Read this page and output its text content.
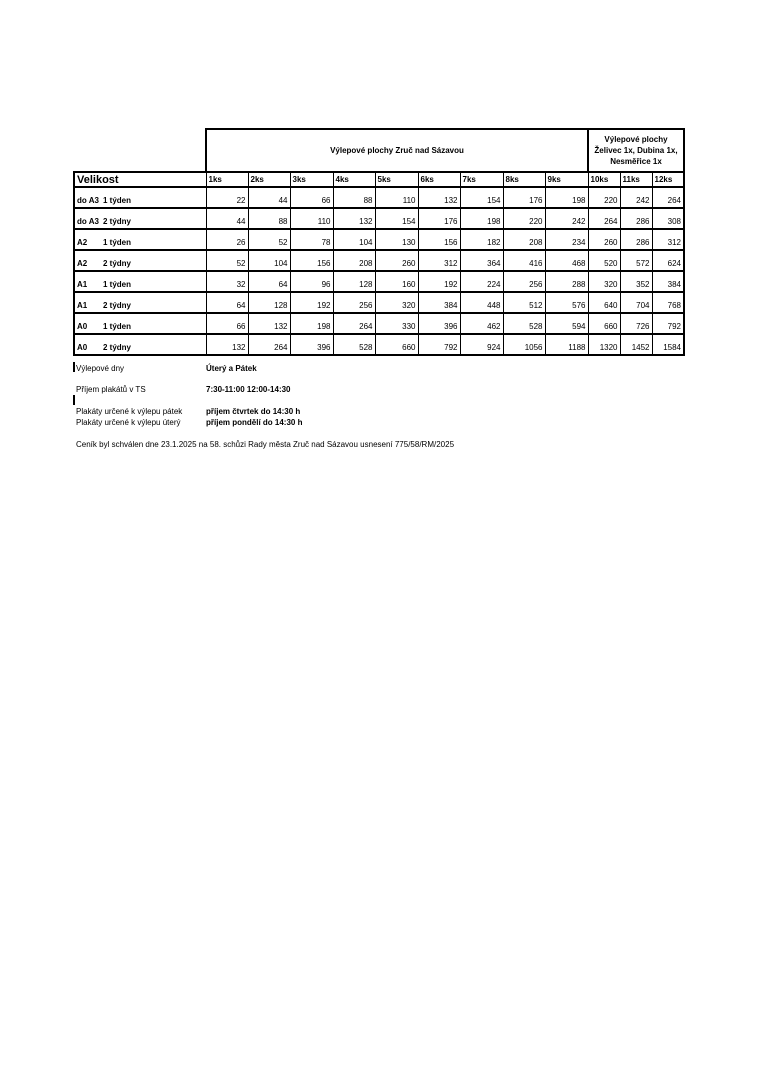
	Výlepové plochy Zruč nad Sázavou									Výlepové plochy Želivec 1x, Dubina 1x, Nesměřice 1x		
Velikost	1ks	2ks	3ks	4ks	5ks	6ks	7ks	8ks	9ks	10ks	11ks	12ks
do A3 1 týden	22	44	66	88	110	132	154	176	198	220	242	264
do A3 2 týdny	44	88	110	132	154	176	198	220	242	264	286	308
A2 1 týden	26	52	78	104	130	156	182	208	234	260	286	312
A2 2 týdny	52	104	156	208	260	312	364	416	468	520	572	624
A1 1 týden	32	64	96	128	160	192	224	256	288	320	352	384
A1 2 týdny	64	128	192	256	320	384	448	512	576	640	704	768
A0 1 týden	66	132	198	264	330	396	462	528	594	660	726	792
A0 2 týdny	132	264	396	528	660	792	924	1056	1188	1320	1452	1584
Výlepové dny	Úterý a Pátek
Příjem plakátů v TS	7:30-11:00 12:00-14:30
Plakáty určené k výlepu pátek	příjem čtvrtek do 14:30 h
Plakáty určené k výlepu úterý	příjem pondělí do 14:30 h
Ceník byl schválen dne 23.1.2025 na 58. schůzi Rady města Zruč nad Sázavou usnesení 775/58/RM/2025
